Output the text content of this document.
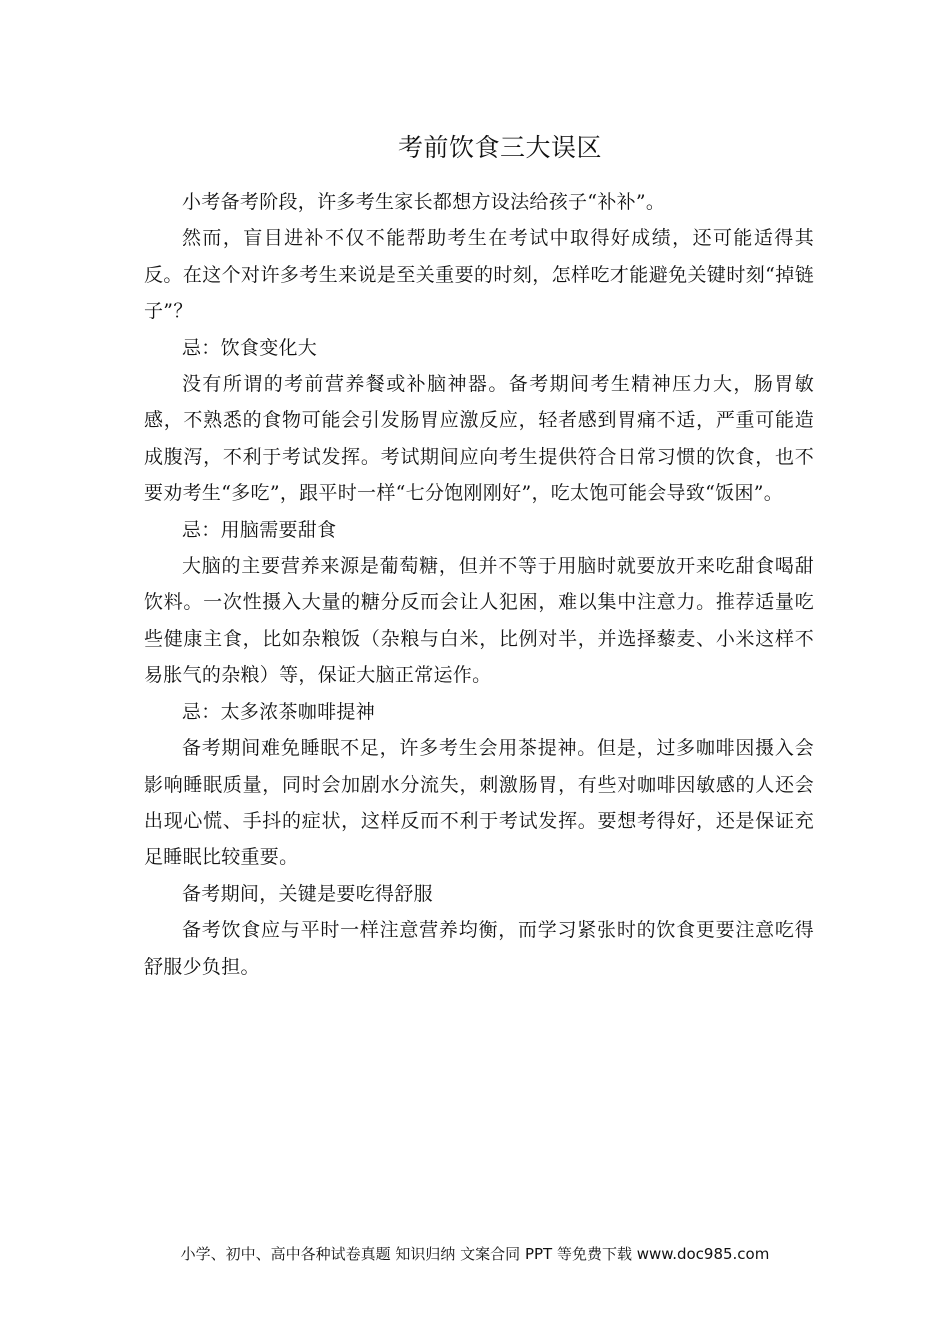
考前饮食三大误区

小考备考阶段，许多考生家长都想方设法给孩子“补补”。

然而，盲目进补不仅不能帮助考生在考试中取得好成绩，还可能适得其反。在这个对许多考生来说是至关重要的时刻，怎样吃才能避免关键时刻“掉链子”？

忌：饮食变化大

没有所谓的考前营养餐或补脑神器。备考期间考生精神压力大，肠胃敏感，不熟悉的食物可能会引发肠胃应激反应，轻者感到胃痛不适，严重可能造成腹泻，不利于考试发挥。考试期间应向考生提供符合日常习惯的饮食，也不要劝考生“多吃”，跟平时一样“七分饱刚刚好”，吃太饱可能会导致“饭困”。

忌：用脑需要甜食

大脑的主要营养来源是葡萄糖，但并不等于用脑时就要放开来吃甜食喝甜饮料。一次性摄入大量的糖分反而会让人犯困，难以集中注意力。推荐适量吃些健康主食，比如杂粮饭（杂粮与白米，比例对半，并选择藜麦、小米这样不易胀气的杂粮）等，保证大脑正常运作。

忌：太多浓茶咖啡提神

备考期间难免睡眠不足，许多考生会用茶提神。但是，过多咖啡因摄入会影响睡眠质量，同时会加剧水分流失，刺激肠胃，有些对咖啡因敏感的人还会出现心慌、手抖的症状，这样反而不利于考试发挥。要想考得好，还是保证充足睡眠比较重要。

备考期间，关键是要吃得舒服

备考饮食应与平时一样注意营养均衡，而学习紧张时的饮食更要注意吃得舒服少负担。

小学、初中、高中各种试卷真题 知识归纳 文案合同 PPT 等免费下载 www.doc985.com
